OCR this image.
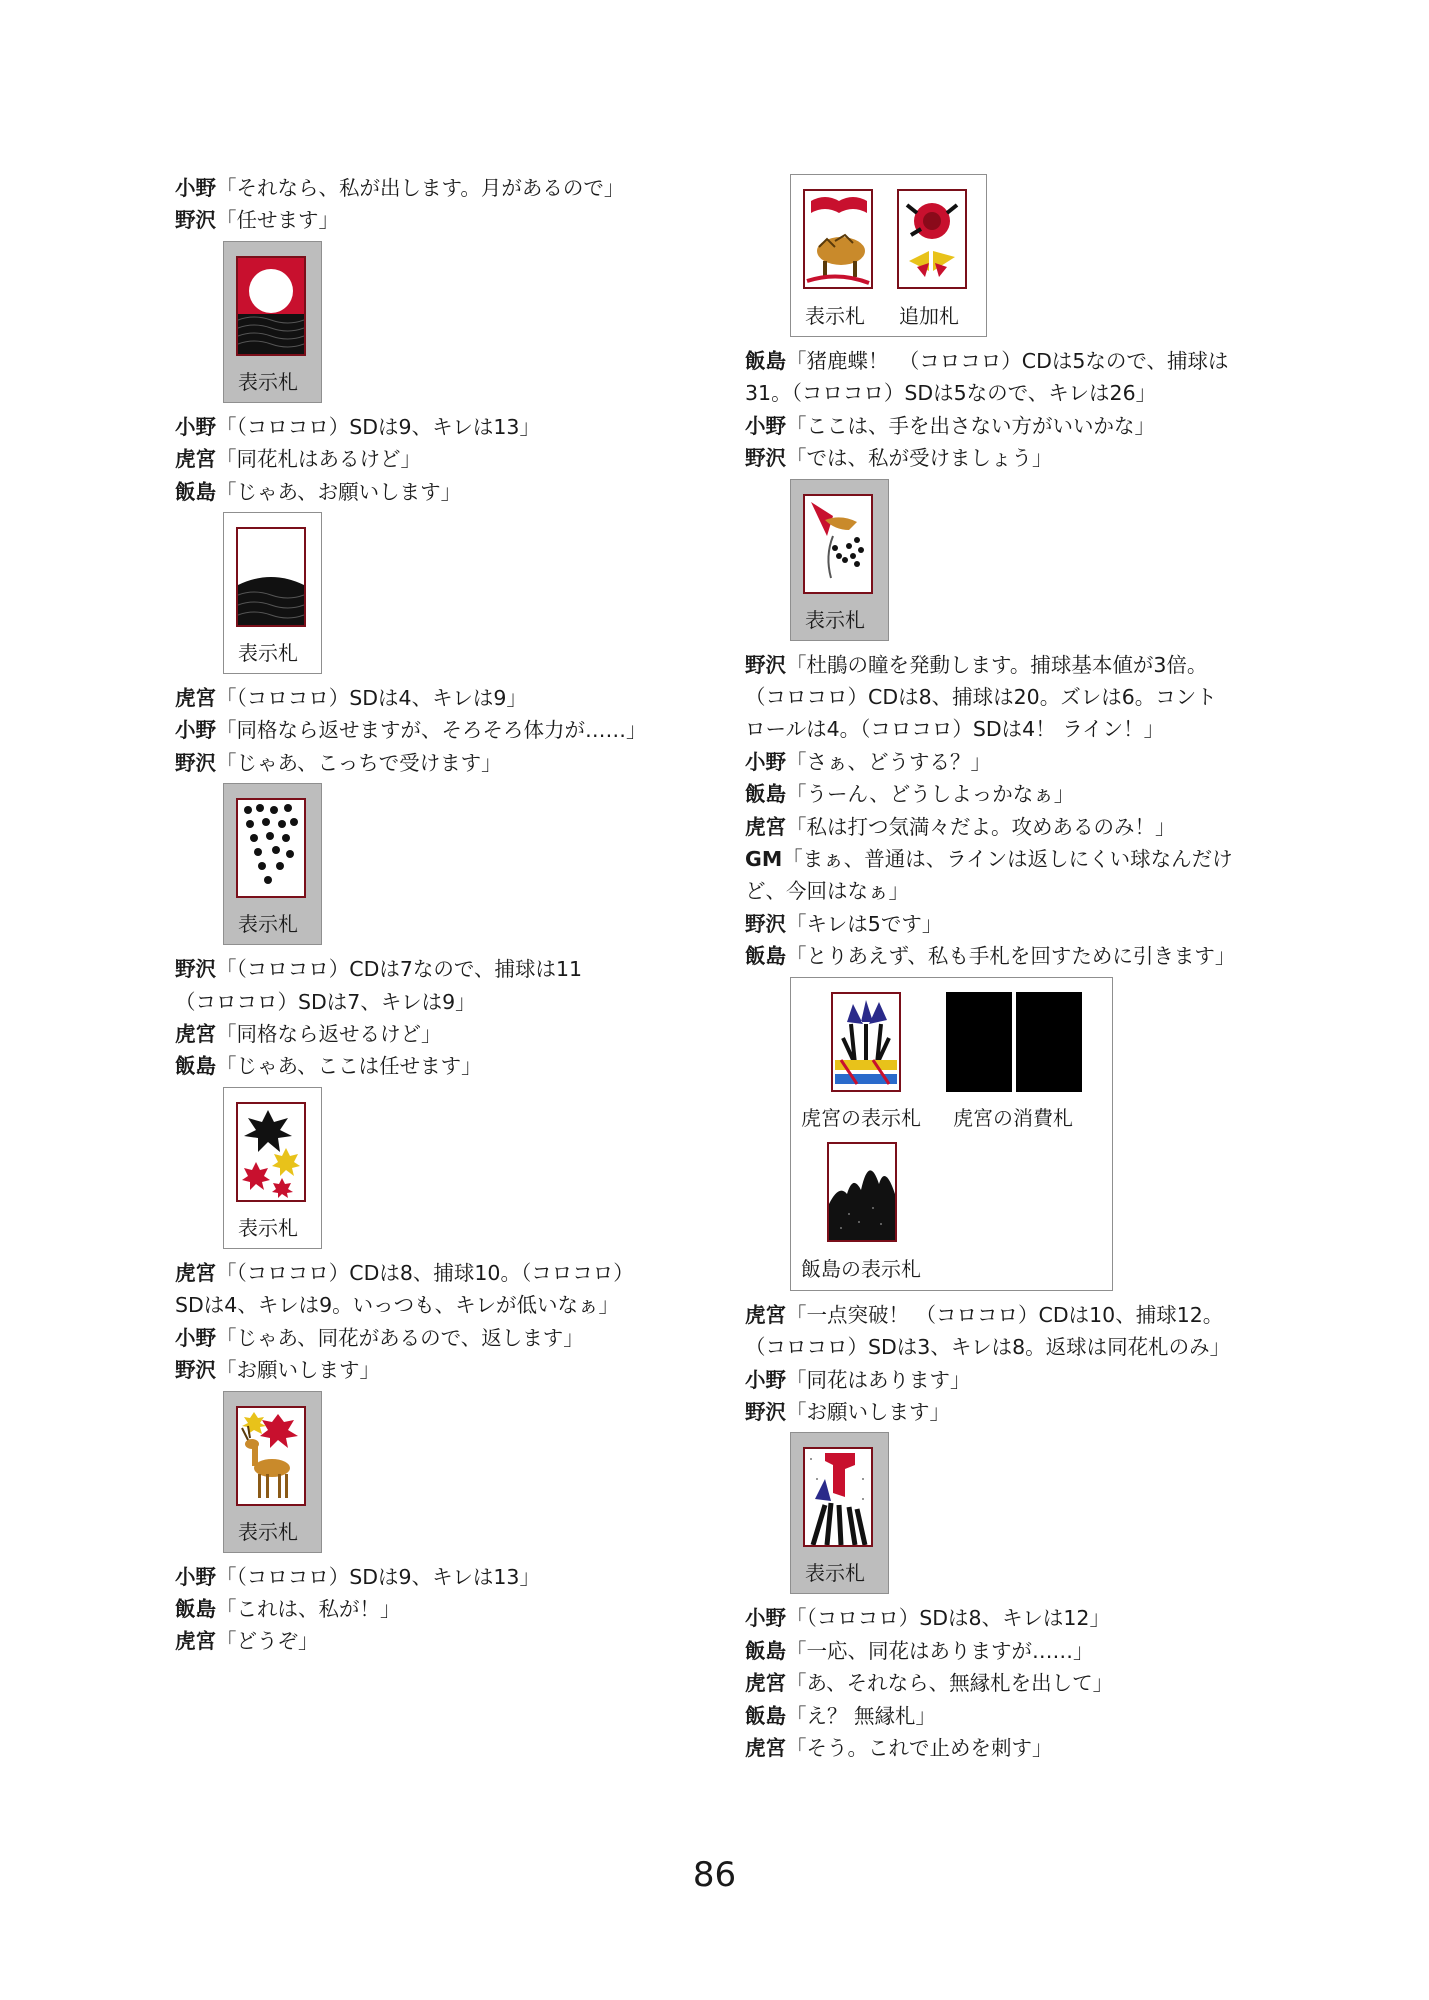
小野「それなら、私が出します。月があるので」
野沢「任せます」
表示札
小野「（コロコロ）SDは9、キレは13」
虎宮「同花札はあるけど」
飯島「じゃあ、お願いします」
表示札
虎宮「（コロコロ）SDは4、キレは9」
小野「同格なら返せますが、そろそろ体力が……」
野沢「じゃあ、こっちで受けます」
表示札
野沢「（コロコロ）CDは7なので、捕球は11
（コロコロ）SDは7、キレは9」
虎宮「同格なら返せるけど」
飯島「じゃあ、ここは任せます」
表示札
虎宮「（コロコロ）CDは8、捕球10。（コロコロ）
SDは4、キレは9。いっつも、キレが低いなぁ」
小野「じゃあ、同花があるので、返します」
野沢「お願いします」
表示札
小野「（コロコロ）SDは9、キレは13」
飯島「これは、私が！」
虎宮「どうぞ」
表示札 追加札
飯島「猪鹿蝶！　（コロコロ）CDは5なので、捕球は
31。（コロコロ）SDは5なので、キレは26」
小野「ここは、手を出さない方がいいかな」
野沢「では、私が受けましょう」
表示札
野沢「杜鵑の瞳を発動します。捕球基本値が3倍。
（コロコロ）CDは8、捕球は20。ズレは6。コント
ロールは4。（コロコロ）SDは4！ ライン！」
小野「さぁ、どうする？」
飯島「うーん、どうしよっかなぁ」
虎宮「私は打つ気満々だよ。攻めあるのみ！」
GM「まぁ、普通は、ラインは返しにくい球なんだけ
ど、今回はなぁ」
野沢「キレは5です」
飯島「とりあえず、私も手札を回すために引きます」
虎宮の表示札 虎宮の消費札
飯島の表示札
虎宮「一点突破！ （コロコロ）CDは10、捕球12。
（コロコロ）SDは3、キレは8。返球は同花札のみ」
小野「同花はあります」
野沢「お願いします」
表示札
小野「（コロコロ）SDは8、キレは12」
飯島「一応、同花はありますが……」
虎宮「あ、それなら、無縁札を出して」
飯島「え？ 無縁札」
虎宮「そう。これで止めを刺す」
86
